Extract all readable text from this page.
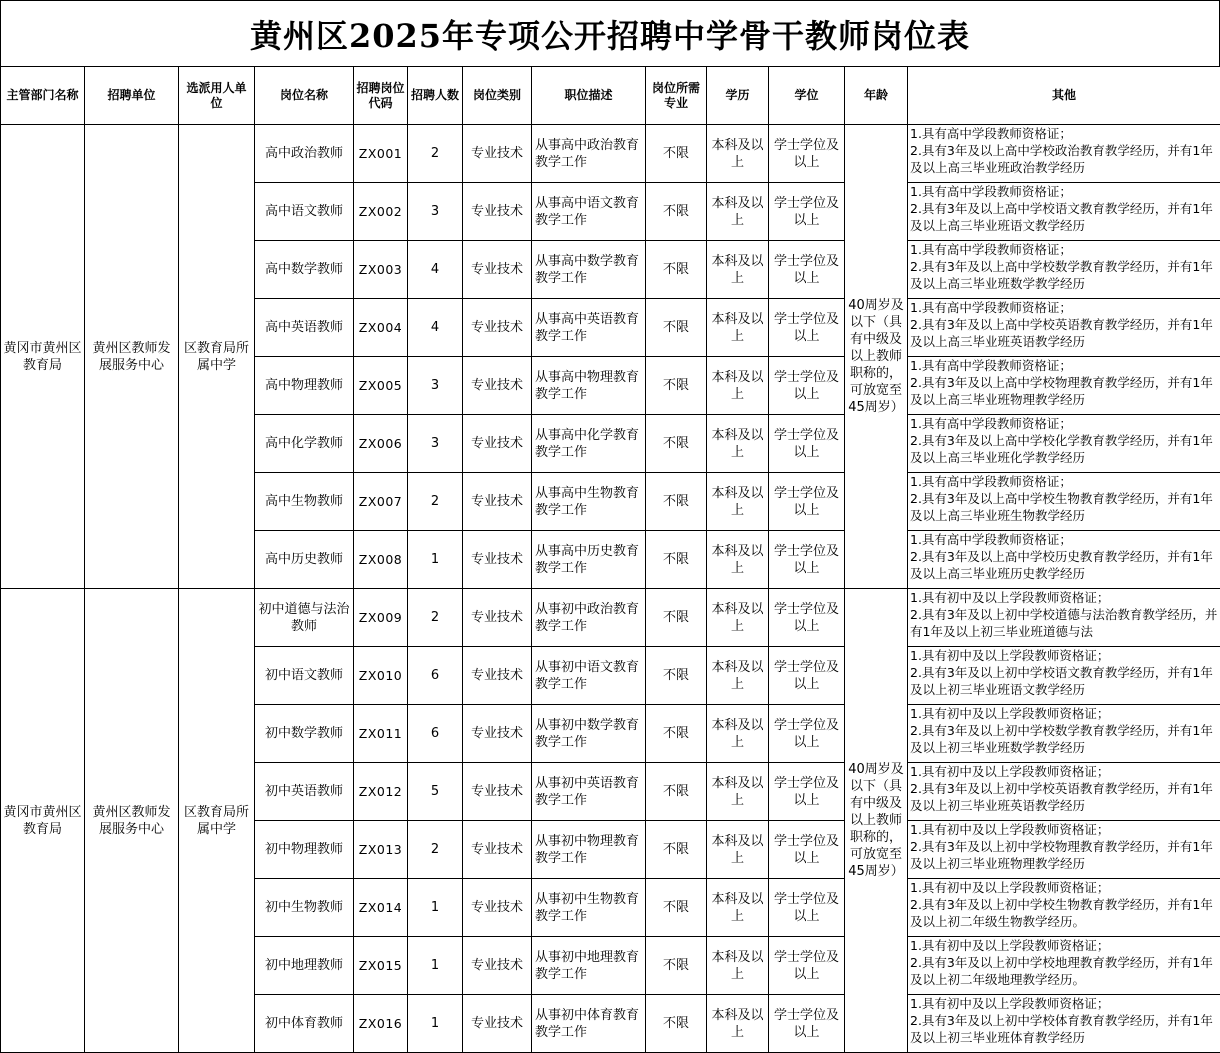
黄州区2025年专项公开招聘中学骨干教师岗位表
主管部门名称	招聘单位	选派用人单位	岗位名称	招聘岗位代码	招聘人数	岗位类别	职位描述	岗位所需专业	学历	学位	年龄	其他
黄冈市黄州区教育局	黄州区教师发展服务中心	区教育局所属中学	高中政治教师	ZX001	2	专业技术	从事高中政治教育教学工作	不限	本科及以上	学士学位及以上	40周岁及以下（具有中级及以上教师职称的，可放宽至45周岁）	1.具有高中学段教师资格证；
2.具有3年及以上高中学校政治教育教学经历，并有1年及以上高三毕业班政治教学经历

			高中语文教师	ZX002	3	专业技术	从事高中语文教育教学工作	不限	本科及以上	学士学位及以上		1.具有高中学段教师资格证；
2.具有3年及以上高中学校语文教育教学经历，并有1年及以上高三毕业班语文教学经历

			高中数学教师	ZX003	4	专业技术	从事高中数学教育教学工作	不限	本科及以上	学士学位及以上		1.具有高中学段教师资格证；
2.具有3年及以上高中学校数学教育教学经历，并有1年及以上高三毕业班数学教学经历

			高中英语教师	ZX004	4	专业技术	从事高中英语教育教学工作	不限	本科及以上	学士学位及以上		1.具有高中学段教师资格证；
2.具有3年及以上高中学校英语教育教学经历，并有1年及以上高三毕业班英语教学经历

			高中物理教师	ZX005	3	专业技术	从事高中物理教育教学工作	不限	本科及以上	学士学位及以上		1.具有高中学段教师资格证；
2.具有3年及以上高中学校物理教育教学经历，并有1年及以上高三毕业班物理教学经历

			高中化学教师	ZX006	3	专业技术	从事高中化学教育教学工作	不限	本科及以上	学士学位及以上		1.具有高中学段教师资格证；
2.具有3年及以上高中学校化学教育教学经历，并有1年及以上高三毕业班化学教学经历

			高中生物教师	ZX007	2	专业技术	从事高中生物教育教学工作	不限	本科及以上	学士学位及以上		1.具有高中学段教师资格证；
2.具有3年及以上高中学校生物教育教学经历，并有1年及以上高三毕业班生物教学经历

			高中历史教师	ZX008	1	专业技术	从事高中历史教育教学工作	不限	本科及以上	学士学位及以上		1.具有高中学段教师资格证；
2.具有3年及以上高中学校历史教育教学经历，并有1年及以上高三毕业班历史教学经历

黄冈市黄州区教育局	黄州区教师发展服务中心	区教育局所属中学	初中道德与法治教师	ZX009	2	专业技术	从事初中政治教育教学工作	不限	本科及以上	学士学位及以上	40周岁及以下（具有中级及以上教师职称的，可放宽至45周岁）	1.具有初中及以上学段教师资格证；
2.具有3年及以上初中学校道德与法治教育教学经历，并有1年及以上初三毕业班道德与法

			初中语文教师	ZX010	6	专业技术	从事初中语文教育教学工作	不限	本科及以上	学士学位及以上		1.具有初中及以上学段教师资格证；
2.具有3年及以上初中学校语文教育教学经历，并有1年及以上初三毕业班语文教学经历

			初中数学教师	ZX011	6	专业技术	从事初中数学教育教学工作	不限	本科及以上	学士学位及以上		1.具有初中及以上学段教师资格证；
2.具有3年及以上初中学校数学教育教学经历，并有1年及以上初三毕业班数学教学经历

			初中英语教师	ZX012	5	专业技术	从事初中英语教育教学工作	不限	本科及以上	学士学位及以上		1.具有初中及以上学段教师资格证；
2.具有3年及以上初中学校英语教育教学经历，并有1年及以上初三毕业班英语教学经历

			初中物理教师	ZX013	2	专业技术	从事初中物理教育教学工作	不限	本科及以上	学士学位及以上		1.具有初中及以上学段教师资格证；
2.具有3年及以上初中学校物理教育教学经历，并有1年及以上初三毕业班物理教学经历

			初中生物教师	ZX014	1	专业技术	从事初中生物教育教学工作	不限	本科及以上	学士学位及以上		1.具有初中及以上学段教师资格证；
2.具有3年及以上初中学校生物教育教学经历，并有1年及以上初二年级生物教学经历。

			初中地理教师	ZX015	1	专业技术	从事初中地理教育教学工作	不限	本科及以上	学士学位及以上		1.具有初中及以上学段教师资格证；
2.具有3年及以上初中学校地理教育教学经历，并有1年及以上初二年级地理教学经历。

			初中体育教师	ZX016	1	专业技术	从事初中体育教育教学工作	不限	本科及以上	学士学位及以上		1.具有初中及以上学段教师资格证；
2.具有3年及以上初中学校体育教育教学经历，并有1年及以上初三毕业班体育教学经历
